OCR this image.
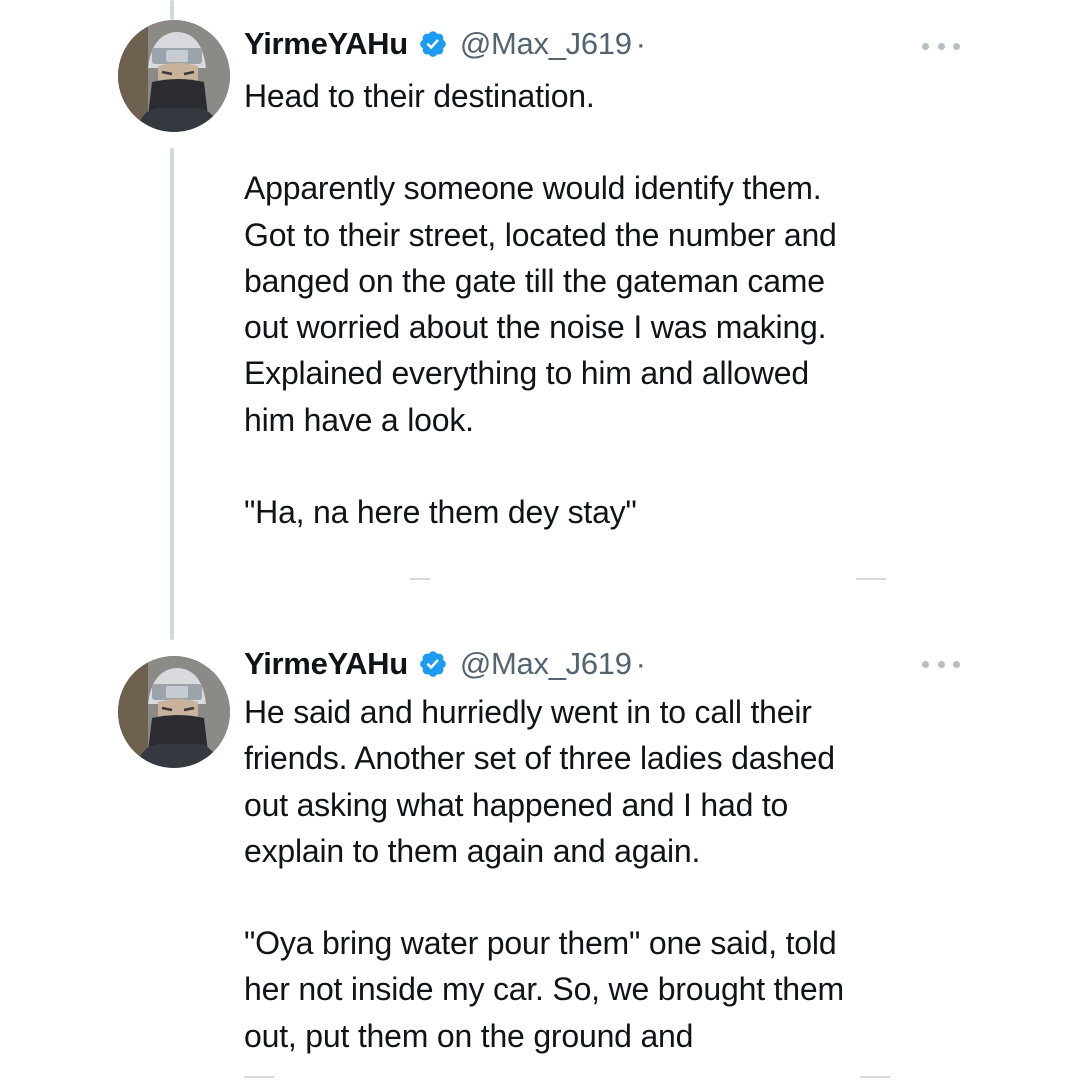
YirmeYAHu @Max_J619 ·

Head to their destination.

Apparently someone would identify them.
Got to their street, located the number and
banged on the gate till the gateman came
out worried about the noise I was making.
Explained everything to him and allowed
him have a look.

"Ha, na here them dey stay"

YirmeYAHu @Max_J619 ·

He said and hurriedly went in to call their
friends. Another set of three ladies dashed
out asking what happened and I had to
explain to them again and again.

"Oya bring water pour them" one said, told
her not inside my car. So, we brought them
out, put them on the ground and
